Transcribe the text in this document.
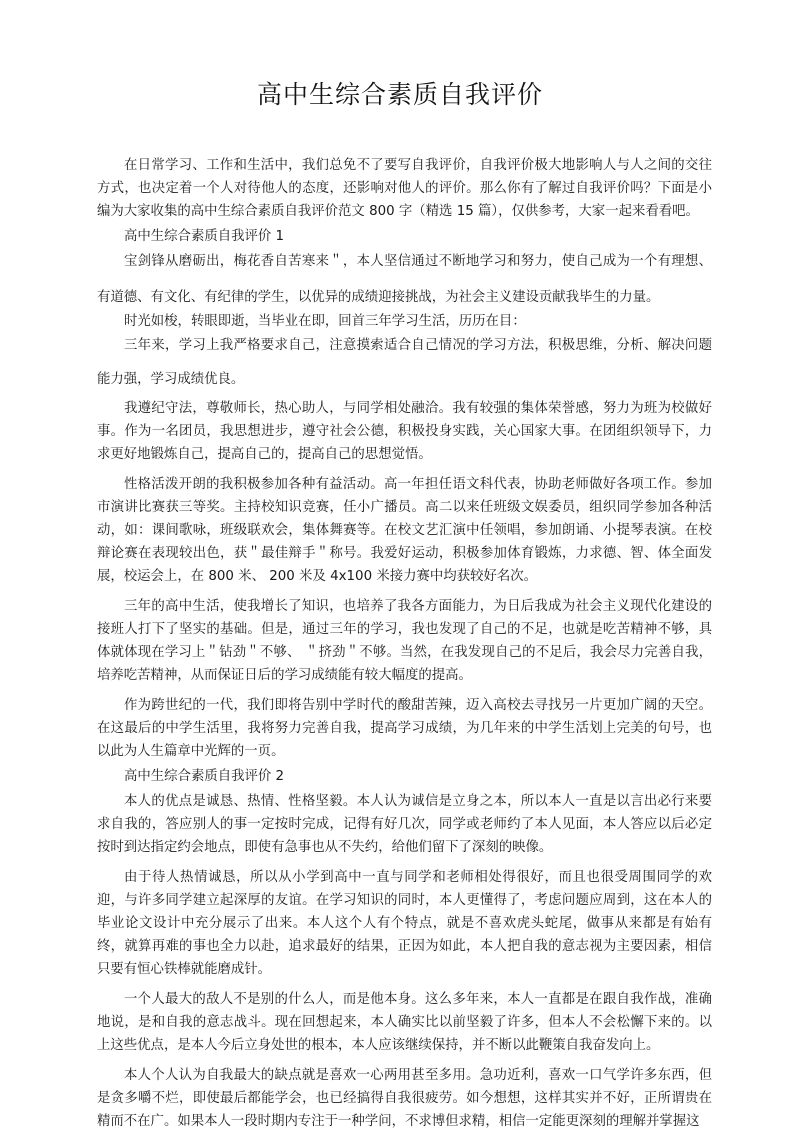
高中生综合素质自我评价

在日常学习、工作和生活中，我们总免不了要写自我评价，自我评价极大地影响人与人之间的交往方式，也决定着一个人对待他人的态度，还影响对他人的评价。那么你有了解过自我评价吗？下面是小编为大家收集的高中生综合素质自我评价范文 800 字（精选 15 篇），仅供参考，大家一起来看看吧。

高中生综合素质自我评价 1

宝剑锋从磨砺出，梅花香自苦寒来＂，本人坚信通过不断地学习和努力，使自己成为一个有理想、有道德、有文化、有纪律的学生，以优异的成绩迎接挑战，为社会主义建设贡献我毕生的力量。

时光如梭，转眼即逝，当毕业在即，回首三年学习生活，历历在目：

三年来，学习上我严格要求自己，注意摸索适合自己情况的学习方法，积极思维，分析、解决问题能力强，学习成绩优良。

我遵纪守法，尊敬师长，热心助人，与同学相处融洽。我有较强的集体荣誉感，努力为班为校做好事。作为一名团员，我思想进步，遵守社会公德，积极投身实践，关心国家大事。在团组织领导下，力求更好地锻炼自己，提高自己的，提高自己的思想觉悟。

性格活泼开朗的我积极参加各种有益活动。高一年担任语文科代表，协助老师做好各项工作。参加市演讲比赛获三等奖。主持校知识竞赛，任小广播员。高二以来任班级文娱委员，组织同学参加各种活动，如：课间歌咏，班级联欢会，集体舞赛等。在校文艺汇演中任领唱，参加朗诵、小提琴表演。在校辩论赛在表现较出色，获＂最佳辩手＂称号。我爱好运动，积极参加体育锻炼，力求德、智、体全面发展，校运会上，在 800 米、 200 米及 4x100 米接力赛中均获较好名次。

三年的高中生活，使我增长了知识，也培养了我各方面能力，为日后我成为社会主义现代化建设的接班人打下了坚实的基础。但是，通过三年的学习，我也发现了自己的不足，也就是吃苦精神不够，具体就体现在学习上＂钻劲＂不够、 ＂挤劲＂不够。当然，在我发现自己的不足后，我会尽力完善自我，培养吃苦精神，从而保证日后的学习成绩能有较大幅度的提高。

作为跨世纪的一代，我们即将告别中学时代的酸甜苦辣，迈入高校去寻找另一片更加广阔的天空。在这最后的中学生活里，我将努力完善自我，提高学习成绩，为几年来的中学生活划上完美的句号，也以此为人生篇章中光辉的一页。

高中生综合素质自我评价 2

本人的优点是诚恳、热情、性格坚毅。本人认为诚信是立身之本，所以本人一直是以言出必行来要求自我的，答应别人的事一定按时完成，记得有好几次，同学或老师约了本人见面，本人答应以后必定按时到达指定约会地点，即使有急事也从不失约，给他们留下了深刻的映像。

由于待人热情诚恳，所以从小学到高中一直与同学和老师相处得很好，而且也很受周围同学的欢迎，与许多同学建立起深厚的友谊。在学习知识的同时，本人更懂得了，考虑问题应周到，这在本人的毕业论文设计中充分展示了出来。本人这个人有个特点，就是不喜欢虎头蛇尾，做事从来都是有始有终，就算再难的事也全力以赴，追求最好的结果，正因为如此，本人把自我的意志视为主要因素，相信只要有恒心铁棒就能磨成针。

一个人最大的敌人不是别的什么人，而是他本身。这么多年来，本人一直都是在跟自我作战，准确地说，是和自我的意志战斗。现在回想起来，本人确实比以前坚毅了许多，但本人不会松懈下来的。以上这些优点，是本人今后立身处世的根本，本人应该继续保持，并不断以此鞭策自我奋发向上。

本人个人认为自我最大的缺点就是喜欢一心两用甚至多用。急功近利，喜欢一口气学许多东西，但是贪多嚼不烂，即使最后都能学会，也已经搞得自我很疲劳。如今想想，这样其实并不好，正所谓贵在精而不在广。如果本人一段时期内专注于一种学问，不求博但求精，相信一定能更深刻的理解并掌握这
